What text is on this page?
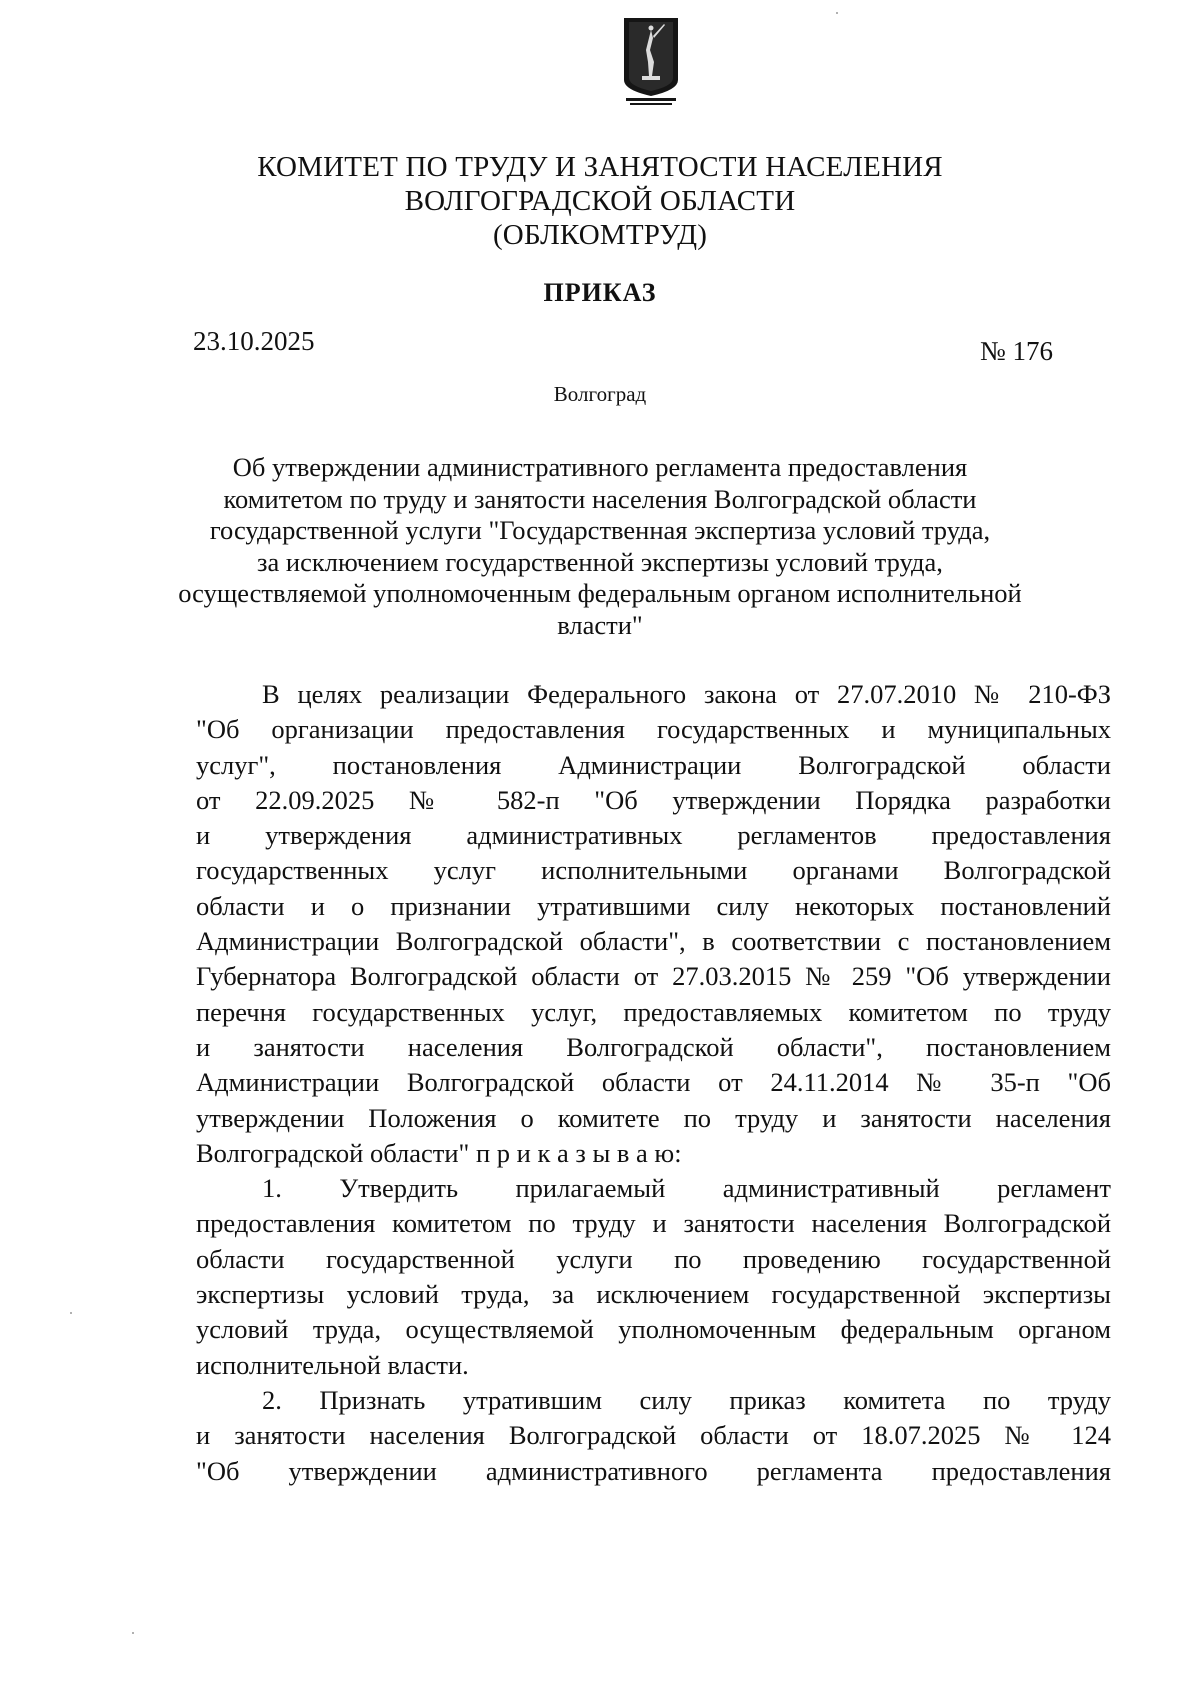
КОМИТЕТ ПО ТРУДУ И ЗАНЯТОСТИ НАСЕЛЕНИЯ
ВОЛГОГРАДСКОЙ ОБЛАСТИ
(ОБЛКОМТРУД)
ПРИКАЗ
23.10.2025	№ 176
Волгоград
Об утверждении административного регламента предоставления
комитетом по труду и занятости населения Волгоградской области
государственной услуги "Государственная экспертиза условий труда,
за исключением государственной экспертизы условий труда,
осуществляемой уполномоченным федеральным органом исполнительной
власти"
В целях реализации Федерального закона от 27.07.2010 № 210-ФЗ
"Об организации предоставления государственных и муниципальных
услуг", постановления Администрации Волгоградской области
от 22.09.2025 № 582-п "Об утверждении Порядка разработки
и утверждения административных регламентов предоставления
государственных услуг исполнительными органами Волгоградской
области и о признании утратившими силу некоторых постановлений
Администрации Волгоградской области", в соответствии с постановлением
Губернатора Волгоградской области от 27.03.2015 № 259 "Об утверждении
перечня государственных услуг, предоставляемых комитетом по труду
и занятости населения Волгоградской области", постановлением
Администрации Волгоградской области от 24.11.2014 № 35-п "Об
утверждении Положения о комитете по труду и занятости населения
Волгоградской области" п р и к а з ы в а ю:
1. Утвердить прилагаемый административный регламент
предоставления комитетом по труду и занятости населения Волгоградской
области государственной услуги по проведению государственной
экспертизы условий труда, за исключением государственной экспертизы
условий труда, осуществляемой уполномоченным федеральным органом
исполнительной власти.
2. Признать утратившим силу приказ комитета по труду
и занятости населения Волгоградской области от 18.07.2025 № 124
"Об утверждении административного регламента предоставления
